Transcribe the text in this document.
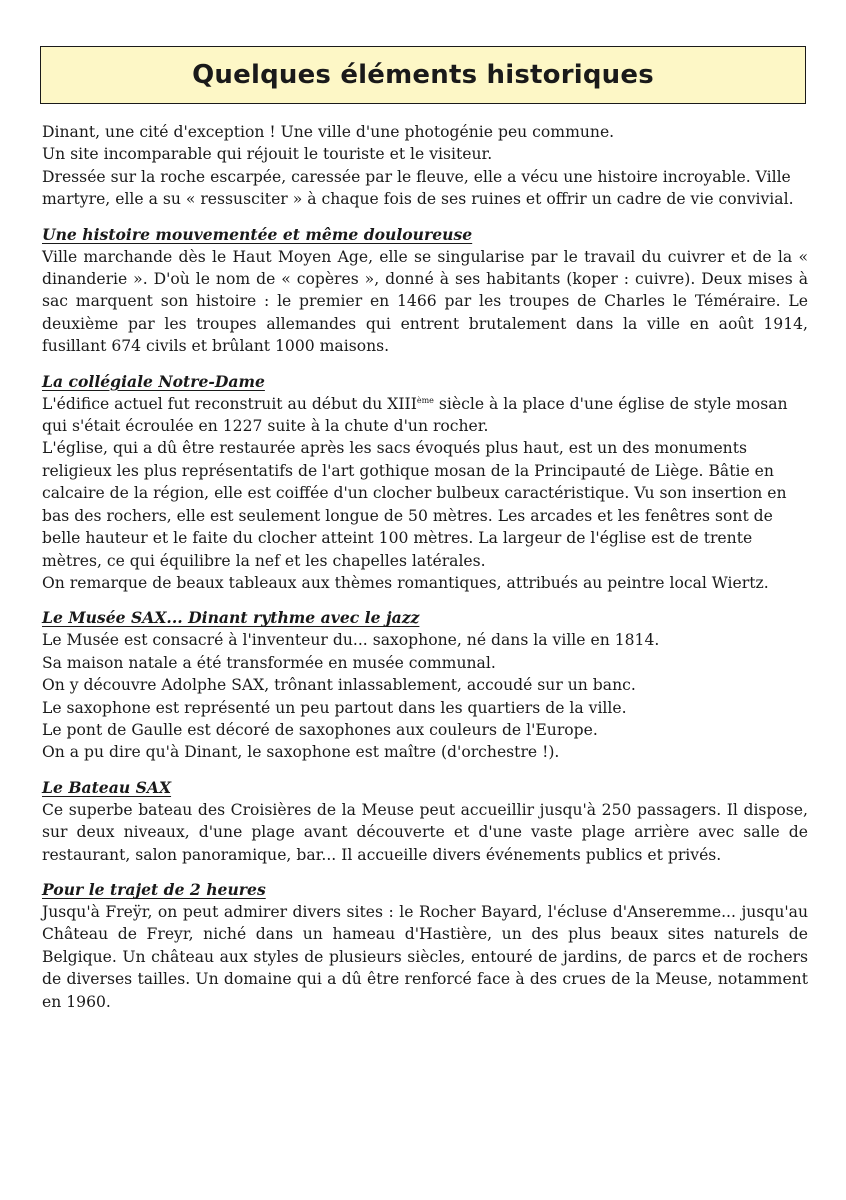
Quelques éléments historiques

Dinant, une cité d'exception ! Une ville d'une photogénie peu commune.

Un site incomparable qui réjouit le touriste et le visiteur.

Dressée sur la roche escarpée, caressée par le fleuve, elle a vécu une histoire incroyable. Ville martyre, elle a su « ressusciter » à chaque fois de ses ruines et offrir un cadre de vie convivial.

Une histoire mouvementée et même douloureuse

Ville marchande dès le Haut Moyen Age, elle se singularise par le travail du cuivrer et de la « dinanderie ». D'où le nom de « copères », donné à ses habitants (koper : cuivre). Deux mises à sac marquent son histoire : le premier en 1466 par les troupes de Charles le Téméraire. Le deuxième par les troupes allemandes qui entrent brutalement dans la ville en août 1914, fusillant 674 civils et brûlant 1000 maisons.

La collégiale Notre-Dame

L'édifice actuel fut reconstruit au début du XIIIème siècle à la place d'une église de style mosan qui s'était écroulée en 1227 suite à la chute d'un rocher.

L'église, qui a dû être restaurée après les sacs évoqués plus haut, est un des monuments religieux les plus représentatifs de l'art gothique mosan de la Principauté de Liège. Bâtie en calcaire de la région, elle est coiffée d'un clocher bulbeux caractéristique. Vu son insertion en bas des rochers, elle est seulement longue de 50 mètres. Les arcades et les fenêtres sont de belle hauteur et le faite du clocher atteint 100 mètres. La largeur de l'église est de trente mètres, ce qui équilibre la nef et les chapelles latérales.

On remarque de beaux tableaux aux thèmes romantiques, attribués au peintre local Wiertz.

Le Musée SAX... Dinant rythme avec le jazz

Le Musée est consacré à l'inventeur du... saxophone, né dans la ville en 1814.

Sa maison natale a été transformée en musée communal.

On y découvre Adolphe SAX, trônant inlassablement, accoudé sur un banc.

Le saxophone est représenté un peu partout dans les quartiers de la ville.

Le pont de Gaulle est décoré de saxophones aux couleurs de l'Europe.

On a pu dire qu'à Dinant, le saxophone est maître (d'orchestre !).

Le Bateau SAX

Ce superbe bateau des Croisières de la Meuse peut accueillir jusqu'à 250 passagers. Il dispose, sur deux niveaux, d'une plage avant découverte et d'une vaste plage arrière avec salle de restaurant, salon panoramique, bar... Il accueille divers événements publics et privés.

Pour le trajet de 2 heures

Jusqu'à Freÿr, on peut admirer divers sites : le Rocher Bayard, l'écluse d'Anseremme... jusqu'au Château de Freyr, niché dans un hameau d'Hastière, un des plus beaux sites naturels de Belgique. Un château aux styles de plusieurs siècles, entouré de jardins, de parcs et de rochers de diverses tailles. Un domaine qui a dû être renforcé face à des crues de la Meuse, notamment en 1960.
